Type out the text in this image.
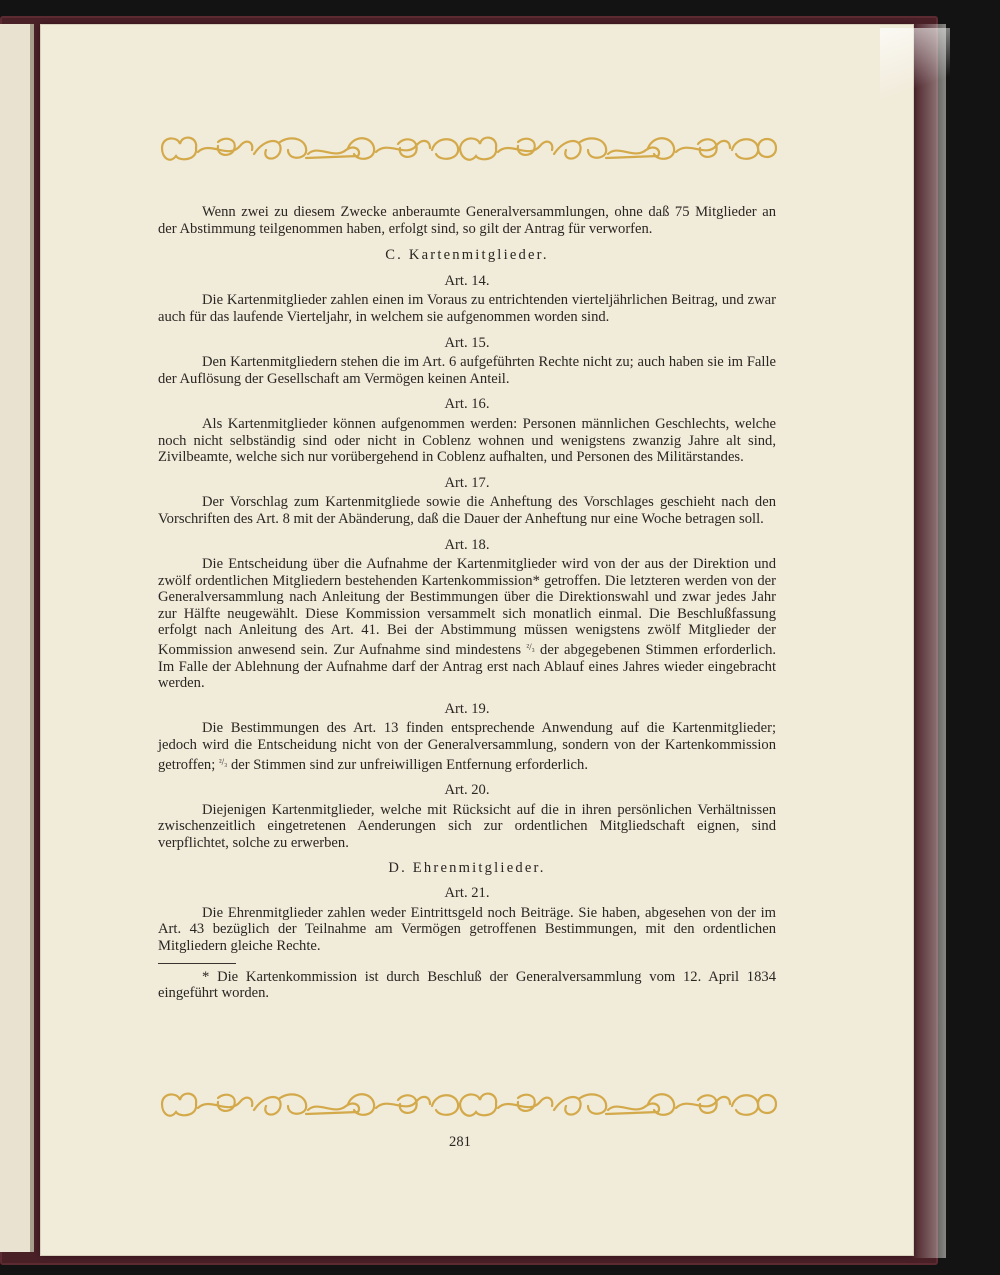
Wenn zwei zu diesem Zwecke anberaumte Generalversammlungen, ohne daß 75 Mitglieder an der Abstimmung teilgenommen haben, erfolgt sind, so gilt der Antrag für verworfen.

C. Kartenmitglieder.
Art. 14.

Die Kartenmitglieder zahlen einen im Voraus zu entrichtenden vierteljährlichen Beitrag, und zwar auch für das laufende Vierteljahr, in welchem sie aufgenommen worden sind.

Art. 15.

Den Kartenmitgliedern stehen die im Art. 6 aufgeführten Rechte nicht zu; auch haben sie im Falle der Auflösung der Gesellschaft am Vermögen keinen Anteil.

Art. 16.

Als Kartenmitglieder können aufgenommen werden: Personen männlichen Geschlechts, welche noch nicht selbständig sind oder nicht in Coblenz wohnen und wenigstens zwanzig Jahre alt sind, Zivilbeamte, welche sich nur vorübergehend in Coblenz aufhalten, und Personen des Militärstandes.

Art. 17.

Der Vorschlag zum Kartenmitgliede sowie die Anheftung des Vorschlages geschieht nach den Vorschriften des Art. 8 mit der Abänderung, daß die Dauer der Anheftung nur eine Woche betragen soll.

Art. 18.

Die Entscheidung über die Aufnahme der Kartenmitglieder wird von der aus der Direktion und zwölf ordentlichen Mitgliedern bestehenden Kartenkommission* getroffen. Die letzteren werden von der Generalversammlung nach Anleitung der Bestimmungen über die Direktionswahl und zwar jedes Jahr zur Hälfte neugewählt. Diese Kommission versammelt sich monatlich einmal. Die Beschlußfassung erfolgt nach Anleitung des Art. 41. Bei der Abstimmung müssen wenigstens zwölf Mitglieder der Kommission anwesend sein. Zur Aufnahme sind mindestens $^{^2/_3}$ der abgegebenen Stimmen erforderlich. Im Falle der Ablehnung der Aufnahme darf der Antrag erst nach Ablauf eines Jahres wieder eingebracht werden.

Art. 19.

Die Bestimmungen des Art. 13 finden entsprechende Anwendung auf die Kartenmitglieder; jedoch wird die Entscheidung nicht von der Generalversammlung, sondern von der Kartenkommission getroffen; $^{^2/_3}$ der Stimmen sind zur unfreiwilligen Entfernung erforderlich.

Art. 20.

Diejenigen Kartenmitglieder, welche mit Rücksicht auf die in ihren persönlichen Verhältnissen zwischenzeitlich eingetretenen Aenderungen sich zur ordentlichen Mitgliedschaft eignen, sind verpflichtet, solche zu erwerben.

D. Ehrenmitglieder.
Art. 21.

Die Ehrenmitglieder zahlen weder Eintrittsgeld noch Beiträge. Sie haben, abgesehen von der im Art. 43 bezüglich der Teilnahme am Vermögen getroffenen Bestimmungen, mit den ordentlichen Mitgliedern gleiche Rechte.

* Die Kartenkommission ist durch Beschluß der Generalversammlung vom 12. April 1834 eingeführt worden.

281
